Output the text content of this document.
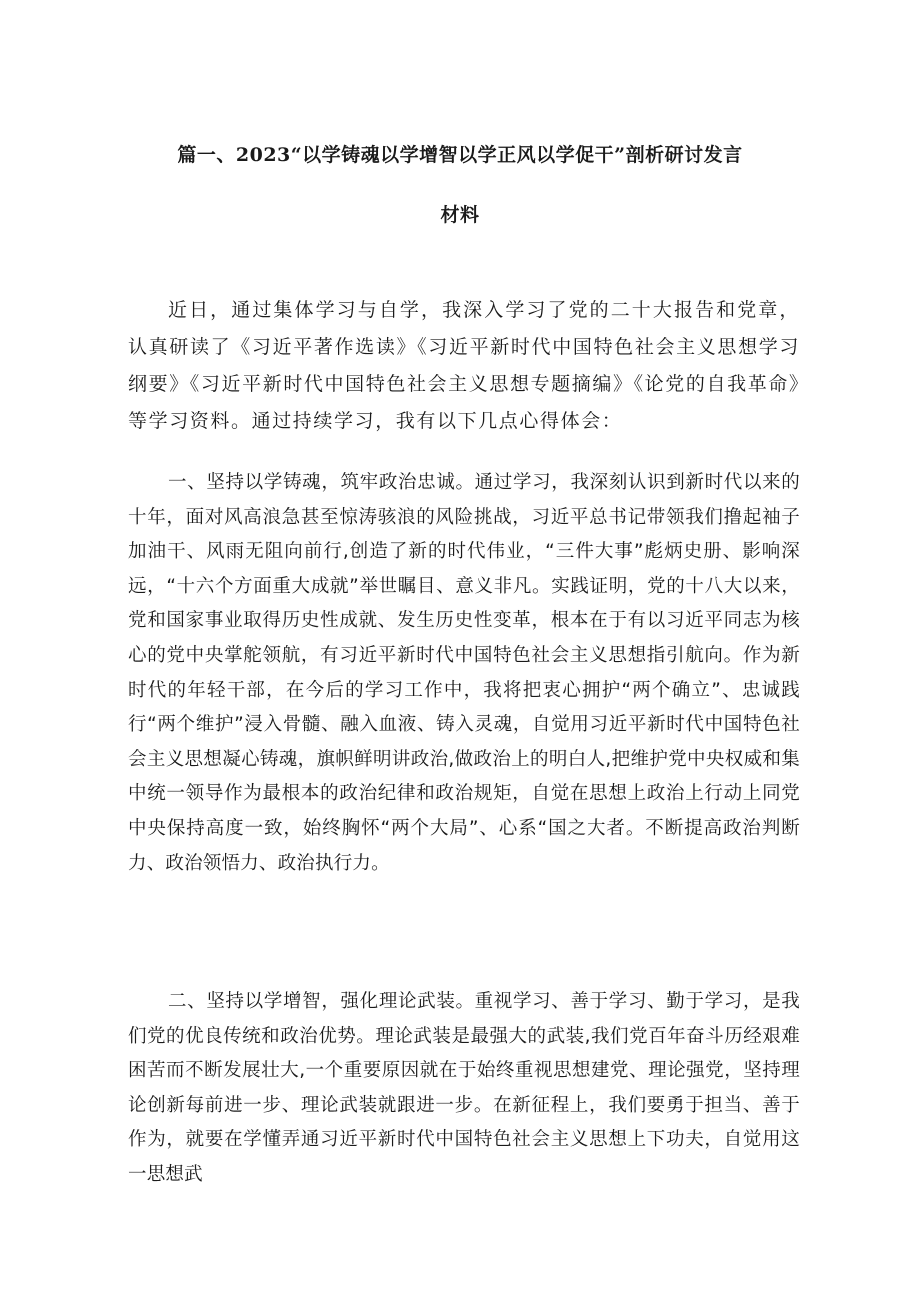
篇一、2023“以学铸魂以学增智以学正风以学促干”剖析研讨发言
材料

近日，通过集体学习与自学，我深入学习了党的二十大报告和党章，认真研读了《习近平著作选读》《习近平新时代中国特色社会主义思想学习纲要》《习近平新时代中国特色社会主义思想专题摘编》《论党的自我革命》等学习资料。通过持续学习，我有以下几点心得体会：

一、坚持以学铸魂，筑牢政治忠诚。通过学习，我深刻认识到新时代以来的十年，面对风高浪急甚至惊涛骇浪的风险挑战，习近平总书记带领我们撸起袖子加油干、风雨无阻向前行,创造了新的时代伟业，“三件大事”彪炳史册、影响深远，“十六个方面重大成就”举世瞩目、意义非凡。实践证明，党的十八大以来，党和国家事业取得历史性成就、发生历史性变革，根本在于有以习近平同志为核心的党中央掌舵领航，有习近平新时代中国特色社会主义思想指引航向。作为新时代的年轻干部，在今后的学习工作中，我将把衷心拥护“两个确立”、忠诚践行“两个维护”浸入骨髓、融入血液、铸入灵魂，自觉用习近平新时代中国特色社会主义思想凝心铸魂，旗帜鲜明讲政治,做政治上的明白人,把维护党中央权威和集中统一领导作为最根本的政治纪律和政治规矩，自觉在思想上政治上行动上同党中央保持高度一致，始终胸怀“两个大局”、心系“国之大者。不断提高政治判断力、政治领悟力、政治执行力。

二、坚持以学增智，强化理论武装。重视学习、善于学习、勤于学习，是我们党的优良传统和政治优势。理论武装是最强大的武装,我们党百年奋斗历经艰难困苦而不断发展壮大,一个重要原因就在于始终重视思想建党、理论强党，坚持理论创新每前进一步、理论武装就跟进一步。在新征程上，我们要勇于担当、善于作为，就要在学懂弄通习近平新时代中国特色社会主义思想上下功夫，自觉用这一思想武
